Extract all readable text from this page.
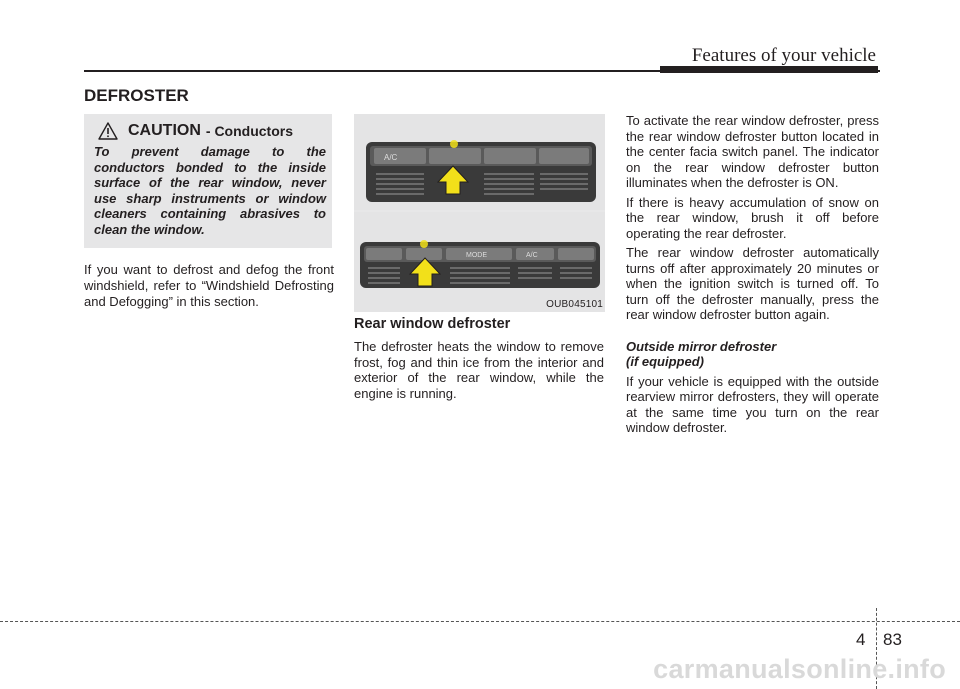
Features of your vehicle
DEFROSTER
CAUTION - Conductors
To prevent damage to the conductors bonded to the inside surface of the rear window, never use sharp instruments or window cleaners containing abrasives to clean the window.
If you want to defrost and defog the front windshield, refer to “Windshield Defrosting and Defogging” in this section.
A/C
MODE	A/C
OUB045101
Rear window defroster
The defroster heats the window to remove frost, fog and thin ice from the interior and exterior of the rear window, while the engine is running.

To activate the rear window defroster, press the rear window defroster button located in the center facia switch panel. The indicator on the rear window defroster button illuminates when the defroster is ON.

If there is heavy accumulation of snow on the rear window, brush it off before operating the rear defroster.

The rear window defroster automatically turns off after approximately 20 minutes or when the ignition switch is turned off. To turn off the defroster manually, press the rear window defroster button again.

Outside mirror defroster
(if equipped)

If your vehicle is equipped with the outside rearview mirror defrosters, they will operate at the same time you turn on the rear window defroster.

4 83
carmanualsonline.info
